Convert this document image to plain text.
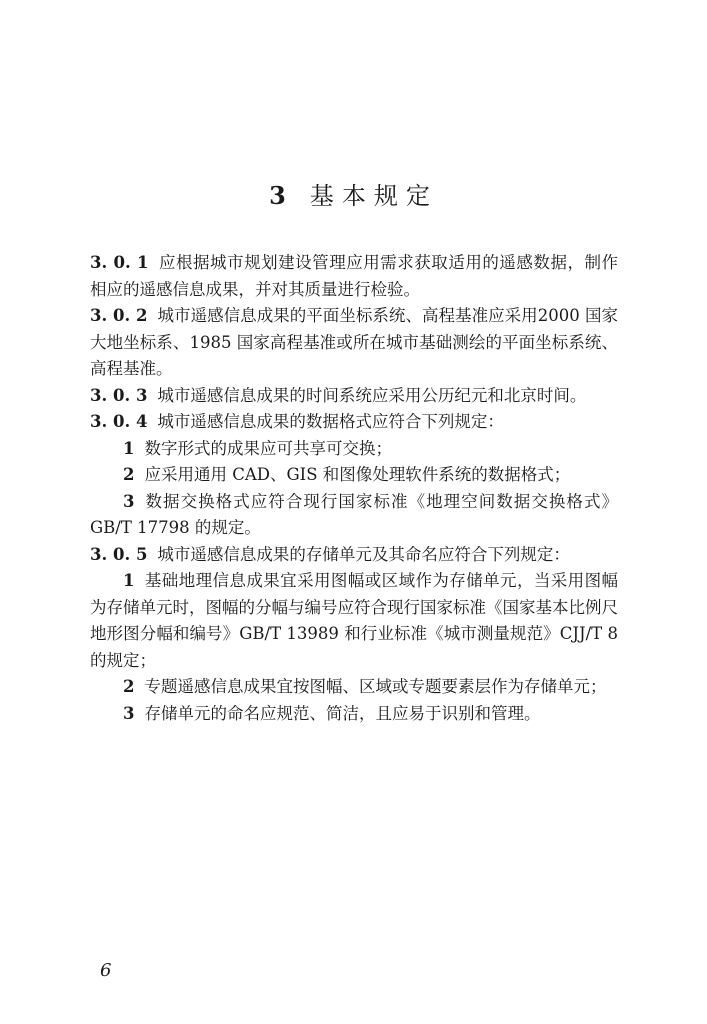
3 基本规定

3. 0. 1 应根据城市规划建设管理应用需求获取适用的遥感数据，制作相应的遥感信息成果，并对其质量进行检验。

3. 0. 2 城市遥感信息成果的平面坐标系统、高程基准应采用2000 国家大地坐标系、1985 国家高程基准或所在城市基础测绘的平面坐标系统、高程基准。

3. 0. 3 城市遥感信息成果的时间系统应采用公历纪元和北京时间。

3. 0. 4 城市遥感信息成果的数据格式应符合下列规定：

1 数字形式的成果应可共享可交换；

2 应采用通用 CAD、GIS 和图像处理软件系统的数据格式；

3 数据交换格式应符合现行国家标准《地理空间数据交换格式》GB/T 17798 的规定。

3. 0. 5 城市遥感信息成果的存储单元及其命名应符合下列规定：

1 基础地理信息成果宜采用图幅或区域作为存储单元，当采用图幅为存储单元时，图幅的分幅与编号应符合现行国家标准《国家基本比例尺地形图分幅和编号》GB/T 13989 和行业标准《城市测量规范》CJJ/T 8 的规定；

2 专题遥感信息成果宜按图幅、区域或专题要素层作为存储单元；

3 存储单元的命名应规范、简洁，且应易于识别和管理。

6
